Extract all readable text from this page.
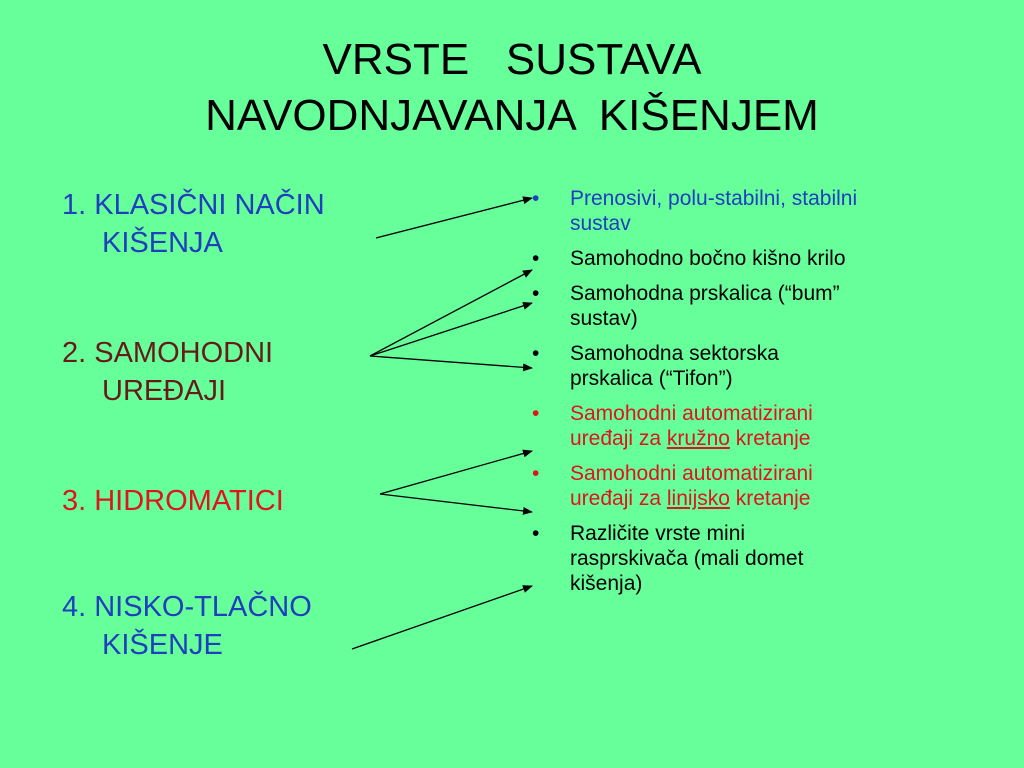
VRSTE   SUSTAVA
NAVODNJAVANJA  KIŠENJEM
1. KLASIČNI NAČIN
KIŠENJA
2. SAMOHODNI
UREĐAJI
3. HIDROMATICI
4. NISKO-TLAČNO
KIŠENJE
• Prenosivi, polu-stabilni, stabilni
sustav
• Samohodno bočno kišno krilo
• Samohodna prskalica (“bum”
sustav)
• Samohodna sektorska
prskalica (“Tifon”)
• Samohodni automatizirani
uređaji za kružno kretanje
• Samohodni automatizirani
uređaji za linijsko kretanje
• Različite vrste mini
rasprskivača (mali domet
kišenja)
